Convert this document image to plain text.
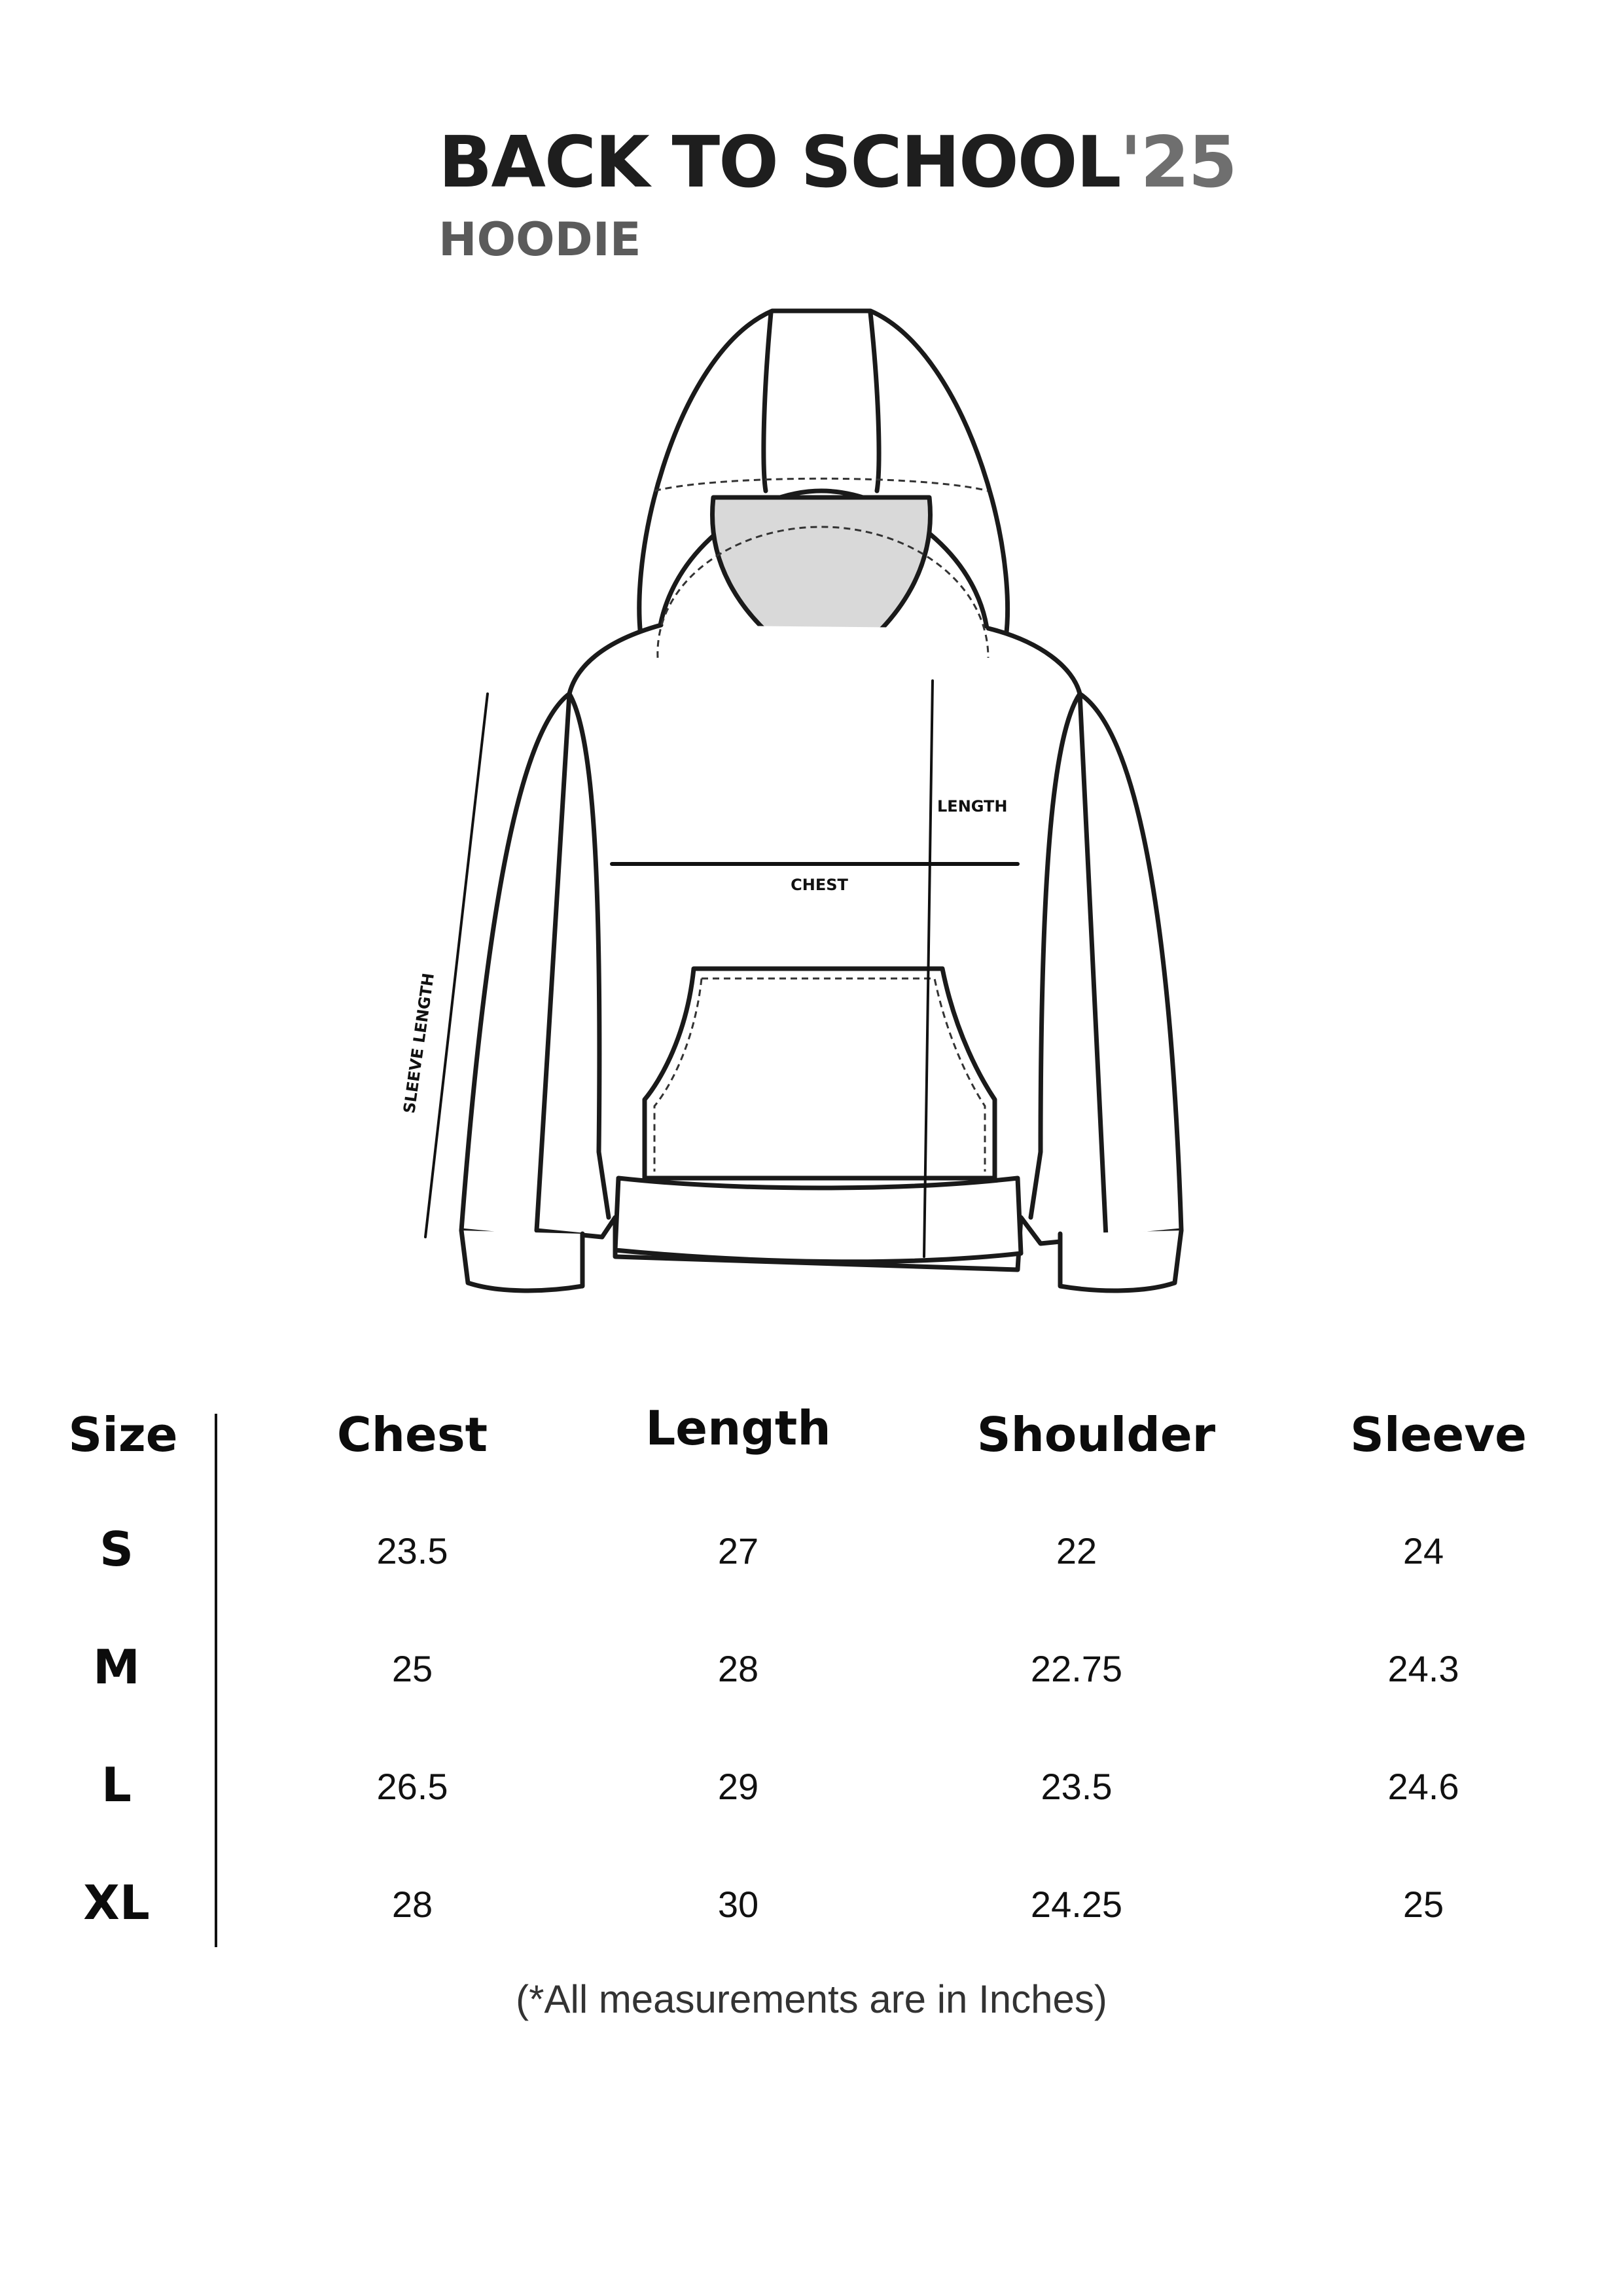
BACK TO SCHOOL'25
HOODIE
LENGTH
CHEST
SLEEVE LENGTH
Size	Chest	Length	Shoulder	Sleeve
S	23.5	27	22	24
M	25	28	22.75	24.3
L	26.5	29	23.5	24.6
XL	28	30	24.25	25
(*All measurements are in Inches)
